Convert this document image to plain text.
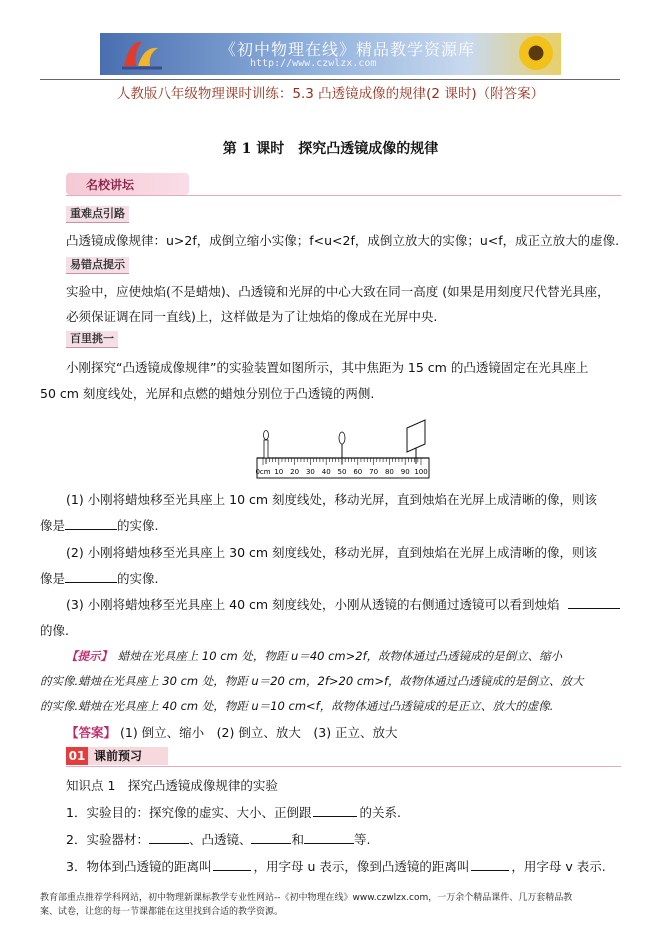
《初中物理在线》精品教学资源库
http://www.czwlzx.com
人教版八年级物理课时训练：5.3 凸透镜成像的规律(2 课时)（附答案）
第 1 课时　探究凸透镜成像的规律
名校讲坛
重难点引路
凸透镜成像规律：u>2f，成倒立缩小实像；f<u<2f，成倒立放大的实像；u<f，成正立放大的虚像.
易错点提示
实验中，应使烛焰(不是蜡烛)、凸透镜和光屏的中心大致在同一高度 (如果是用刻度尺代替光具座，
必须保证调在同一直线)上，这样做是为了让烛焰的像成在光屏中央.
百里挑一
小刚探究“凸透镜成像规律”的实验装置如图所示，其中焦距为 15 cm 的凸透镜固定在光具座上
50 cm 刻度线处，光屏和点燃的蜡烛分别位于凸透镜的两侧.
0cm 10 20 30 40 50 60 70 80 90 100
(1) 小刚将蜡烛移至光具座上 10 cm 刻度线处，移动光屏，直到烛焰在光屏上成清晰的像，则该
像是	的实像.
(2) 小刚将蜡烛移至光具座上 30 cm 刻度线处，移动光屏，直到烛焰在光屏上成清晰的像，则该
像是	的实像.
(3) 小刚将蜡烛移至光具座上 40 cm 刻度线处，小刚从透镜的右侧通过透镜可以看到烛焰
的像.
【提示】　蜡烛在光具座上 10 cm 处，物距 u＝40 cm>2f，故物体通过凸透镜成的是倒立、缩小
的实像.蜡烛在光具座上 30 cm 处，物距 u＝20 cm，2f>20 cm>f，故物体通过凸透镜成的是倒立、放大
的实像.蜡烛在光具座上 40 cm 处，物距 u＝10 cm<f，故物体通过凸透镜成的是正立、放大的虚像.
【答案】 (1) 倒立、缩小　(2) 倒立、放大　(3) 正立、放大
01 课前预习
知识点 1　探究凸透镜成像规律的实验
1．实验目的：探究像的虚实、大小、正倒跟	的关系.
2．实验器材：	、凸透镜、	和	等.
3．物体到凸透镜的距离叫	，用字母 u 表示，像到凸透镜的距离叫	，用字母 v 表示.
教育部重点推荐学科网站，初中物理新课标教学专业性网站--《初中物理在线》www.czwlzx.com，一万余个精品课件、几万套精品教
案、试卷，让您的每一节课都能在这里找到合适的教学资源。
